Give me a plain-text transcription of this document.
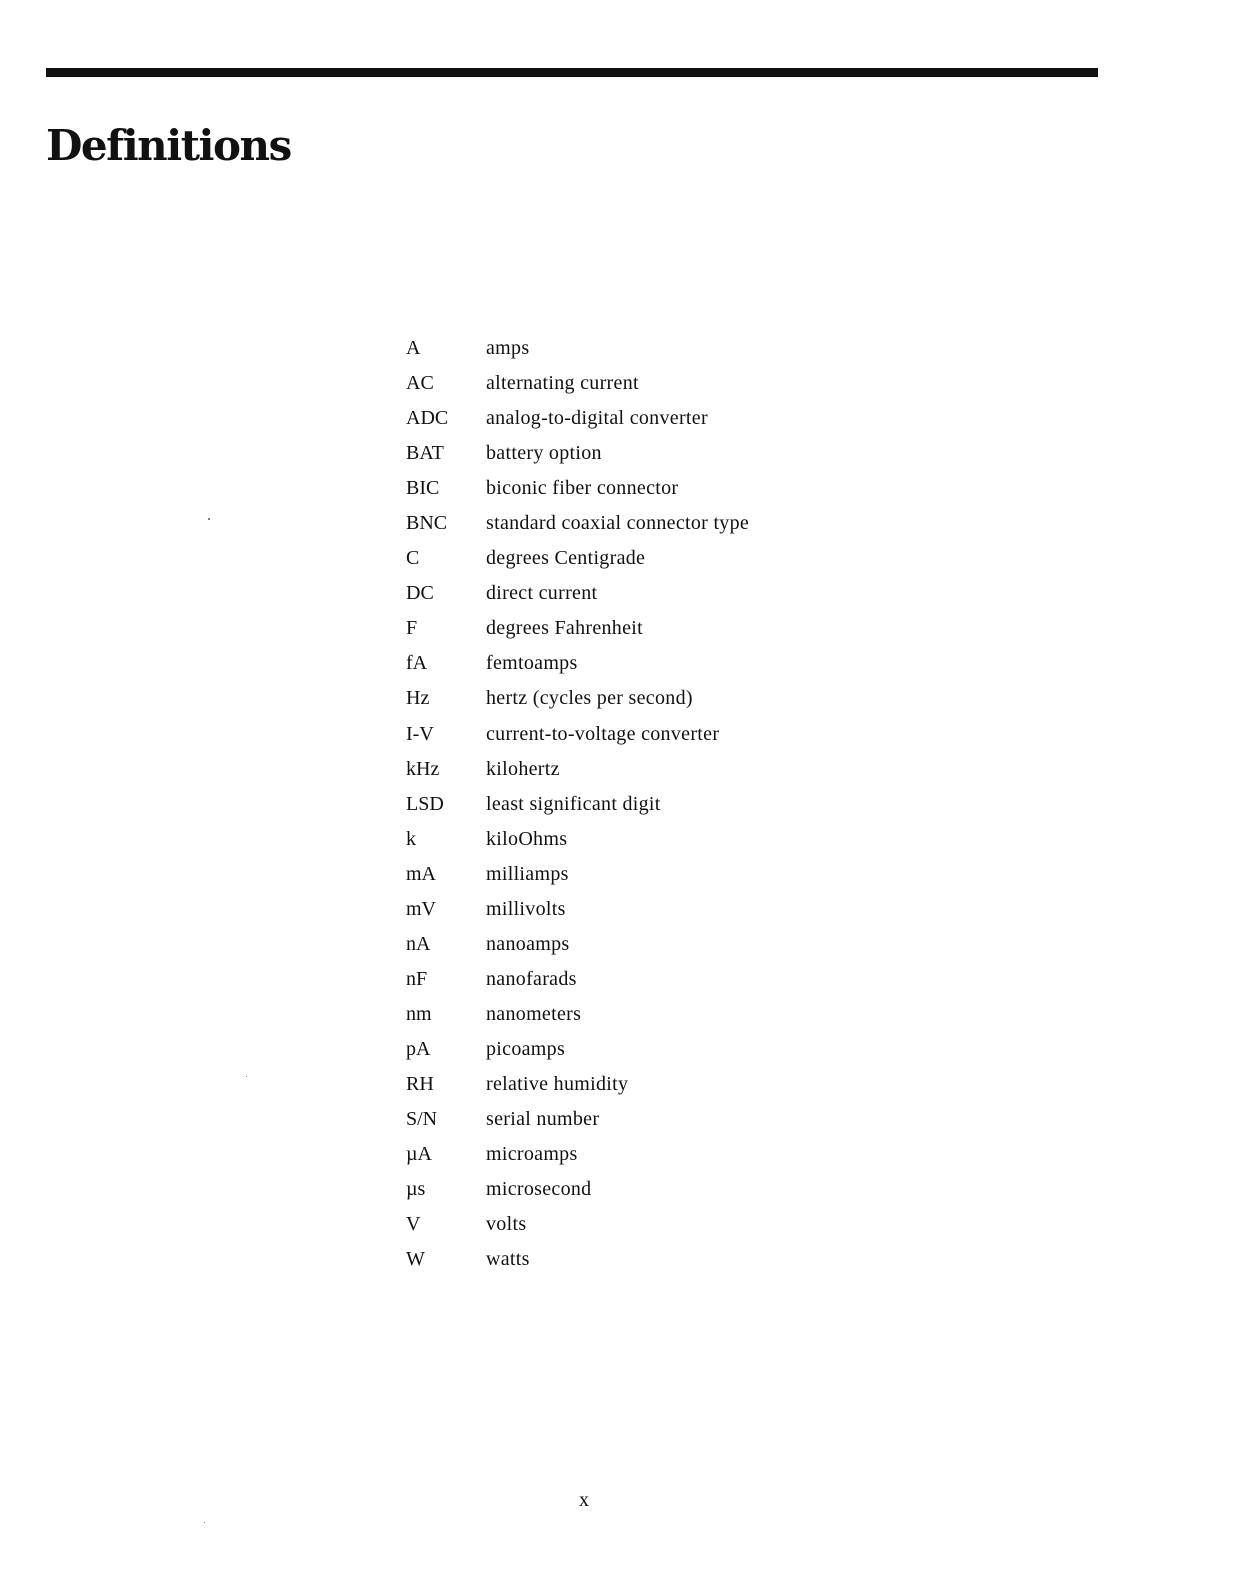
Definitions
A	amps
AC	alternating current
ADC	analog-to-digital converter
BAT	battery option
BIC	biconic fiber connector
BNC	standard coaxial connector type
C	degrees Centigrade
DC	direct current
F	degrees Fahrenheit
fA	femtoamps
Hz	hertz (cycles per second)
I-V	current-to-voltage converter
kHz	kilohertz
LSD	least significant digit
k	kiloOhms
mA	milliamps
mV	millivolts
nA	nanoamps
nF	nanofarads
nm	nanometers
pA	picoamps
RH	relative humidity
S/N	serial number
µA	microamps
µs	microsecond
V	volts
W	watts
x
